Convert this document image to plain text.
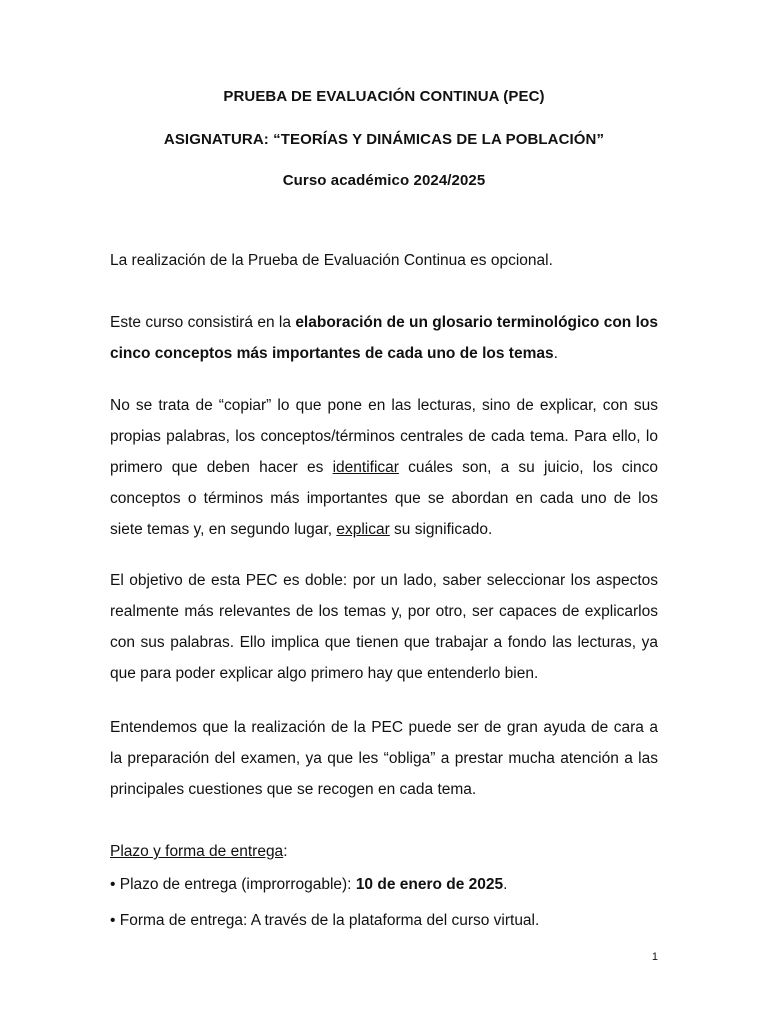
PRUEBA DE EVALUACIÓN CONTINUA (PEC)
ASIGNATURA: “TEORÍAS Y DINÁMICAS DE LA POBLACIÓN”
Curso académico 2024/2025

La realización de la Prueba de Evaluación Continua es opcional.

Este curso consistirá en la elaboración de un glosario terminológico con los cinco conceptos más importantes de cada uno de los temas.

No se trata de “copiar” lo que pone en las lecturas, sino de explicar, con sus propias palabras, los conceptos/términos centrales de cada tema. Para ello, lo primero que deben hacer es identificar cuáles son, a su juicio, los cinco conceptos o términos más importantes que se abordan en cada uno de los siete temas y, en segundo lugar, explicar su significado.

El objetivo de esta PEC es doble: por un lado, saber seleccionar los aspectos realmente más relevantes de los temas y, por otro, ser capaces de explicarlos con sus palabras. Ello implica que tienen que trabajar a fondo las lecturas, ya que para poder explicar algo primero hay que entenderlo bien.

Entendemos que la realización de la PEC puede ser de gran ayuda de cara a la preparación del examen, ya que les “obliga” a prestar mucha atención a las principales cuestiones que se recogen en cada tema.

Plazo y forma de entrega:

• Plazo de entrega (improrrogable): 10 de enero de 2025.

• Forma de entrega: A través de la plataforma del curso virtual.

1
